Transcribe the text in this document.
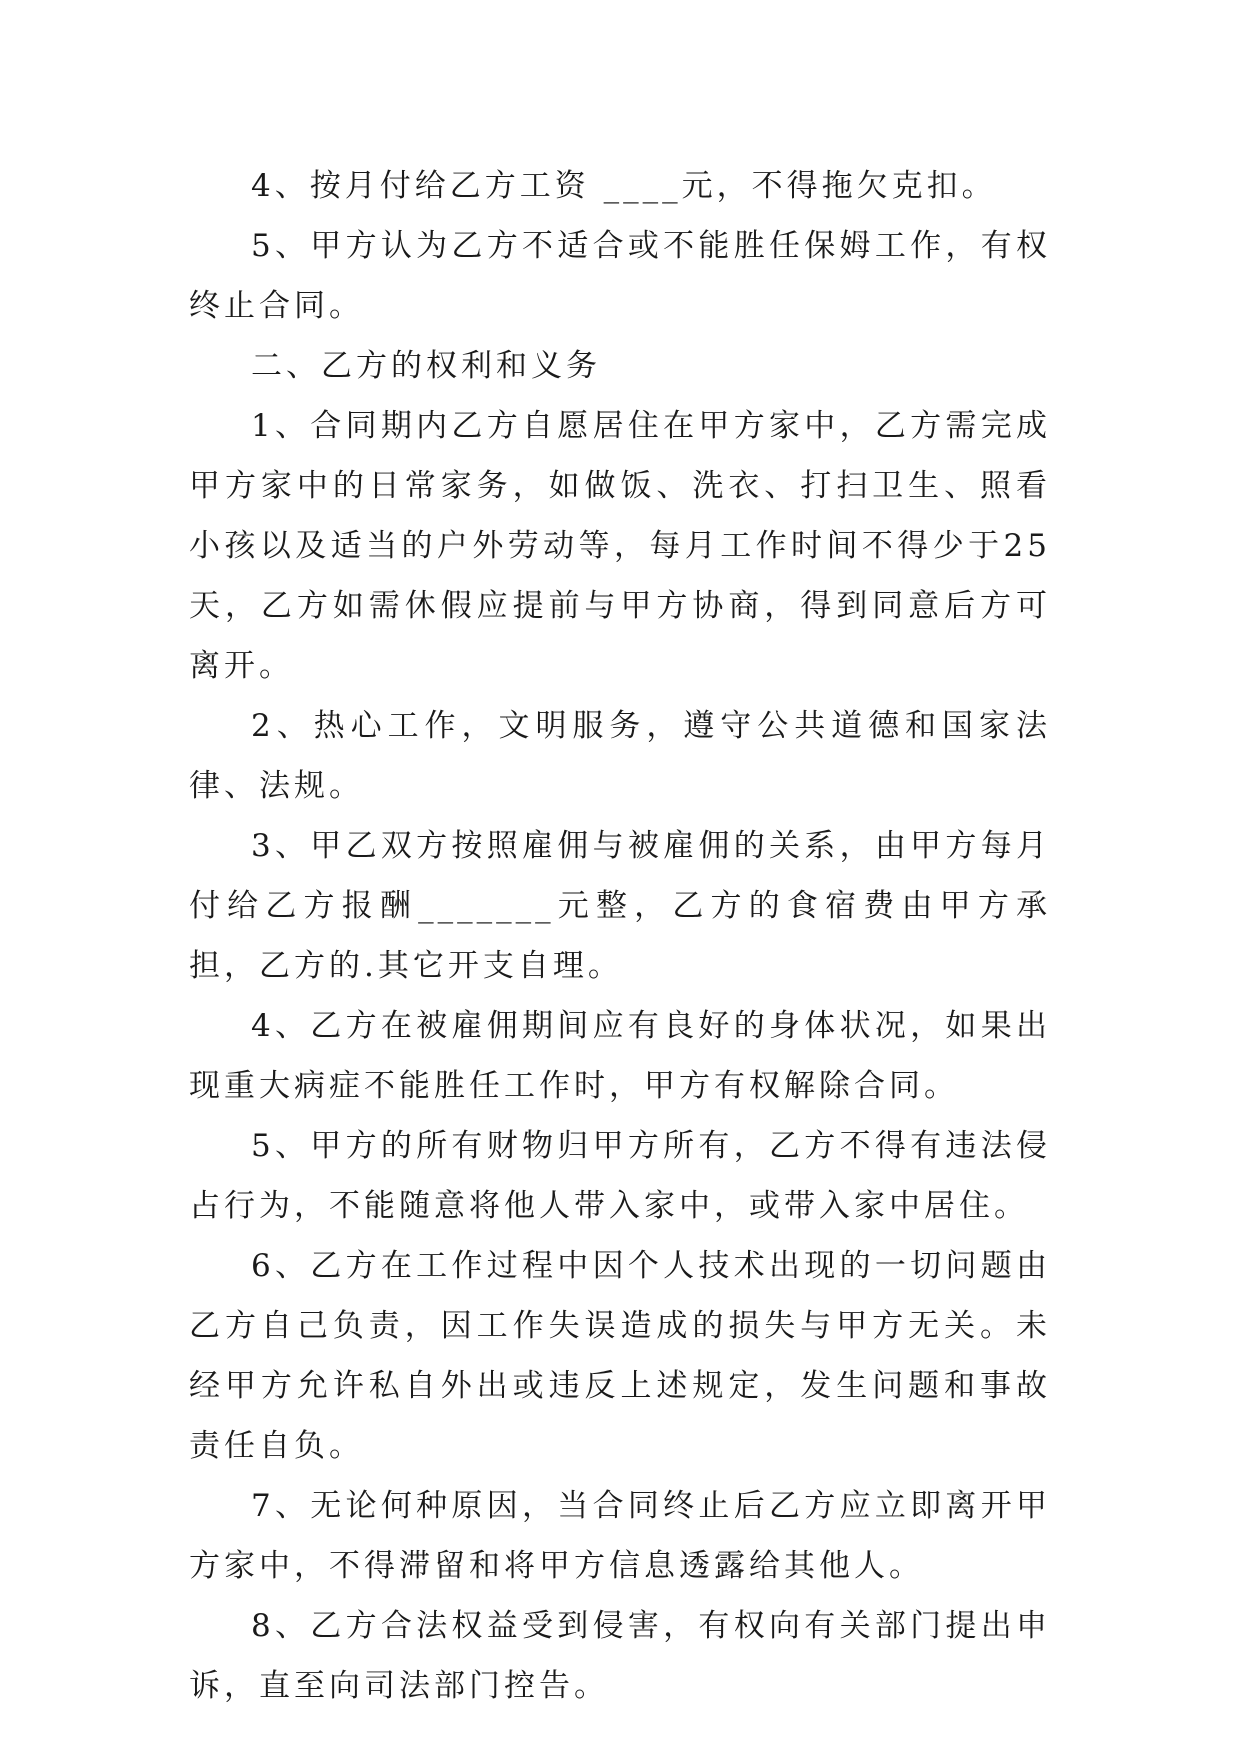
4、按月付给乙方工资 ____元，不得拖欠克扣。

5、甲方认为乙方不适合或不能胜任保姆工作，有权终止合同。

二、乙方的权利和义务

1、合同期内乙方自愿居住在甲方家中，乙方需完成甲方家中的日常家务，如做饭、洗衣、打扫卫生、照看小孩以及适当的户外劳动等，每月工作时间不得少于25天，乙方如需休假应提前与甲方协商，得到同意后方可离开。

2、热心工作，文明服务，遵守公共道德和国家法律、法规。

3、甲乙双方按照雇佣与被雇佣的关系，由甲方每月付给乙方报酬_______元整，乙方的食宿费由甲方承担，乙方的.其它开支自理。

4、乙方在被雇佣期间应有良好的身体状况，如果出现重大病症不能胜任工作时，甲方有权解除合同。

5、甲方的所有财物归甲方所有，乙方不得有违法侵占行为，不能随意将他人带入家中，或带入家中居住。

6、乙方在工作过程中因个人技术出现的一切问题由乙方自己负责，因工作失误造成的损失与甲方无关。未经甲方允许私自外出或违反上述规定，发生问题和事故责任自负。

7、无论何种原因，当合同终止后乙方应立即离开甲方家中，不得滞留和将甲方信息透露给其他人。

8、乙方合法权益受到侵害，有权向有关部门提出申诉，直至向司法部门控告。
